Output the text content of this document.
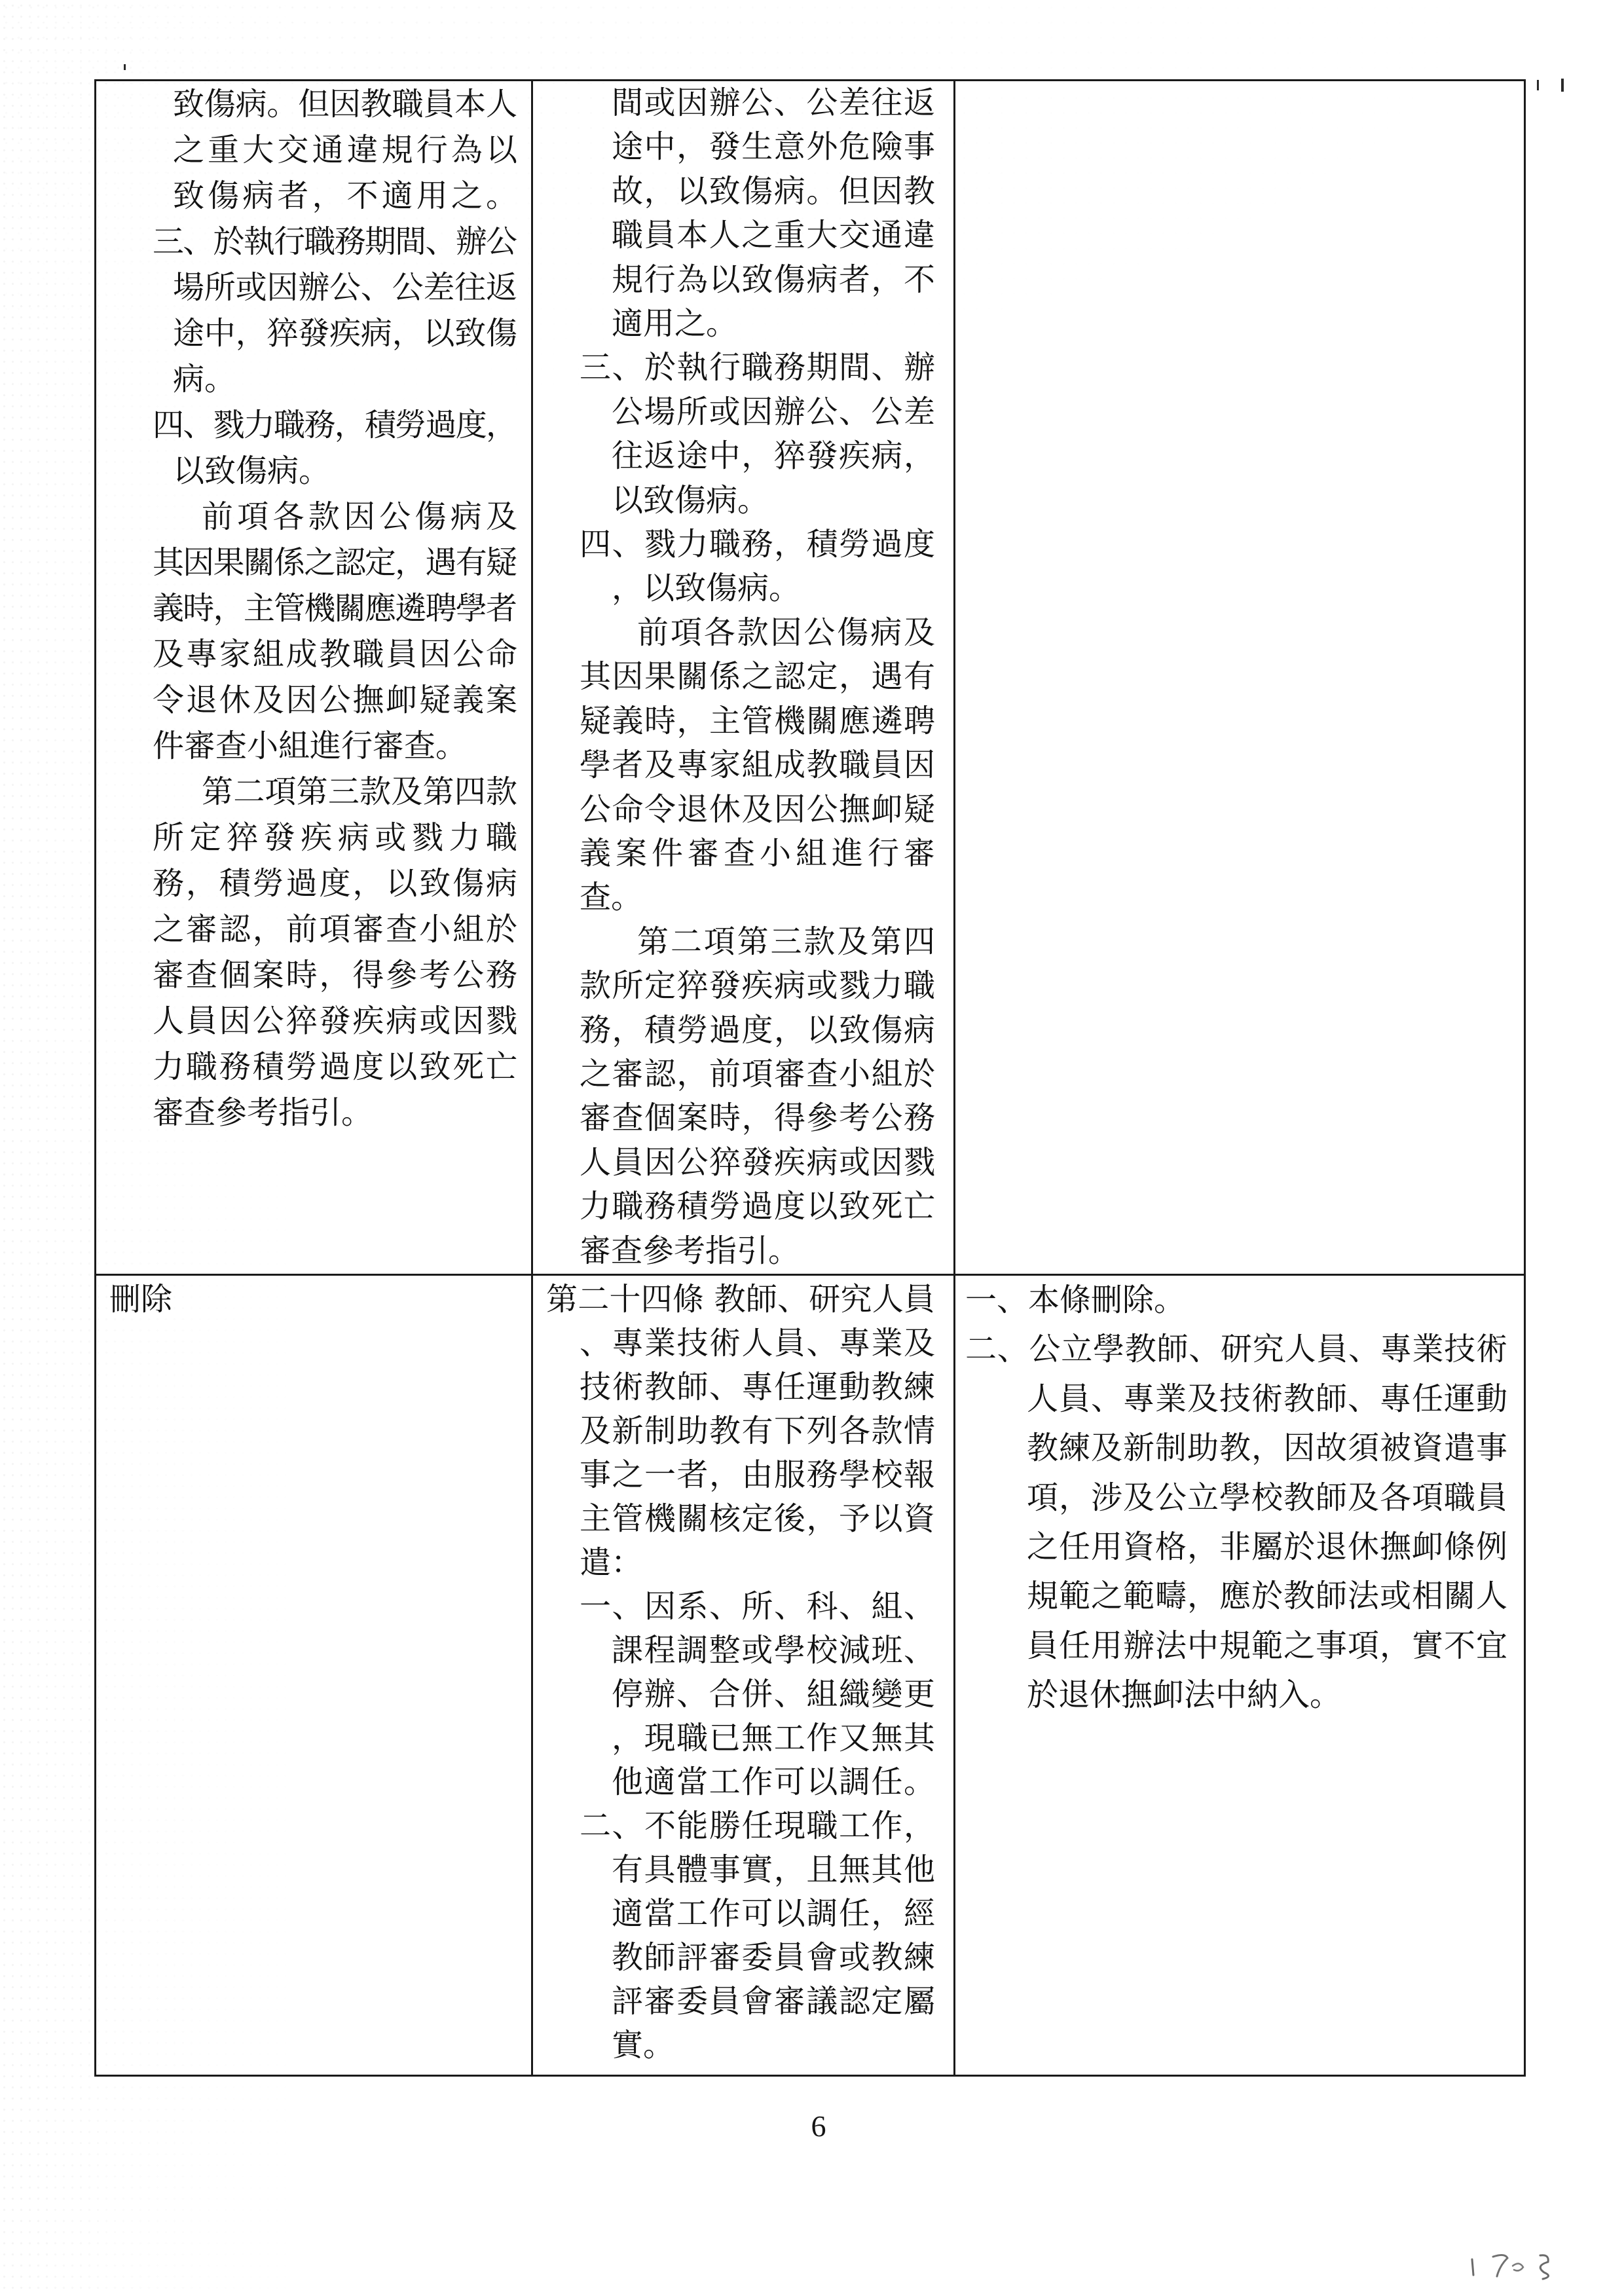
致傷病。但因教職員本人
之重大交通違規行為以
致傷病者，不適用之。
三、於執行職務期間、辦公
場所或因辦公、公差往返
途中，猝發疾病，以致傷
病。
四、戮力職務，積勞過度，
以致傷病。
前項各款因公傷病及
其因果關係之認定，遇有疑
義時，主管機關應遴聘學者
及專家組成教職員因公命
令退休及因公撫卹疑義案
件審查小組進行審查。
第二項第三款及第四款
所定猝發疾病或戮力職
務，積勞過度，以致傷病
之審認，前項審查小組於
審查個案時，得參考公務
人員因公猝發疾病或因戮
力職務積勞過度以致死亡
審查參考指引。
間或因辦公、公差往返
途中，發生意外危險事
故，以致傷病。但因教
職員本人之重大交通違
規行為以致傷病者，不
適用之。
三、於執行職務期間、辦
公場所或因辦公、公差
往返途中，猝發疾病，
以致傷病。
四、戮力職務，積勞過度
，以致傷病。
前項各款因公傷病及
其因果關係之認定，遇有
疑義時，主管機關應遴聘
學者及專家組成教職員因
公命令退休及因公撫卹疑
義案件審查小組進行審
查。
第二項第三款及第四
款所定猝發疾病或戮力職
務，積勞過度，以致傷病
之審認，前項審查小組於
審查個案時，得參考公務
人員因公猝發疾病或因戮
力職務積勞過度以致死亡
審查參考指引。
刪除	第二十四條 教師、研究人員
、專業技術人員、專業及
技術教師、專任運動教練
及新制助教有下列各款情
事之一者，由服務學校報
主管機關核定後，予以資
遣：
一、因系、所、科、組、
課程調整或學校減班、
停辦、合併、組織變更
，現職已無工作又無其
他適當工作可以調任。
二、不能勝任現職工作，
有具體事實，且無其他
適當工作可以調任，經
教師評審委員會或教練
評審委員會審議認定屬
實。
一、本條刪除。
二、公立學教師、研究人員、專業技術
人員、專業及技術教師、專任運動
教練及新制助教，因故須被資遣事
項，涉及公立學校教師及各項職員
之任用資格，非屬於退休撫卹條例
規範之範疇，應於教師法或相關人
員任用辦法中規範之事項，實不宜
於退休撫卹法中納入。
6
